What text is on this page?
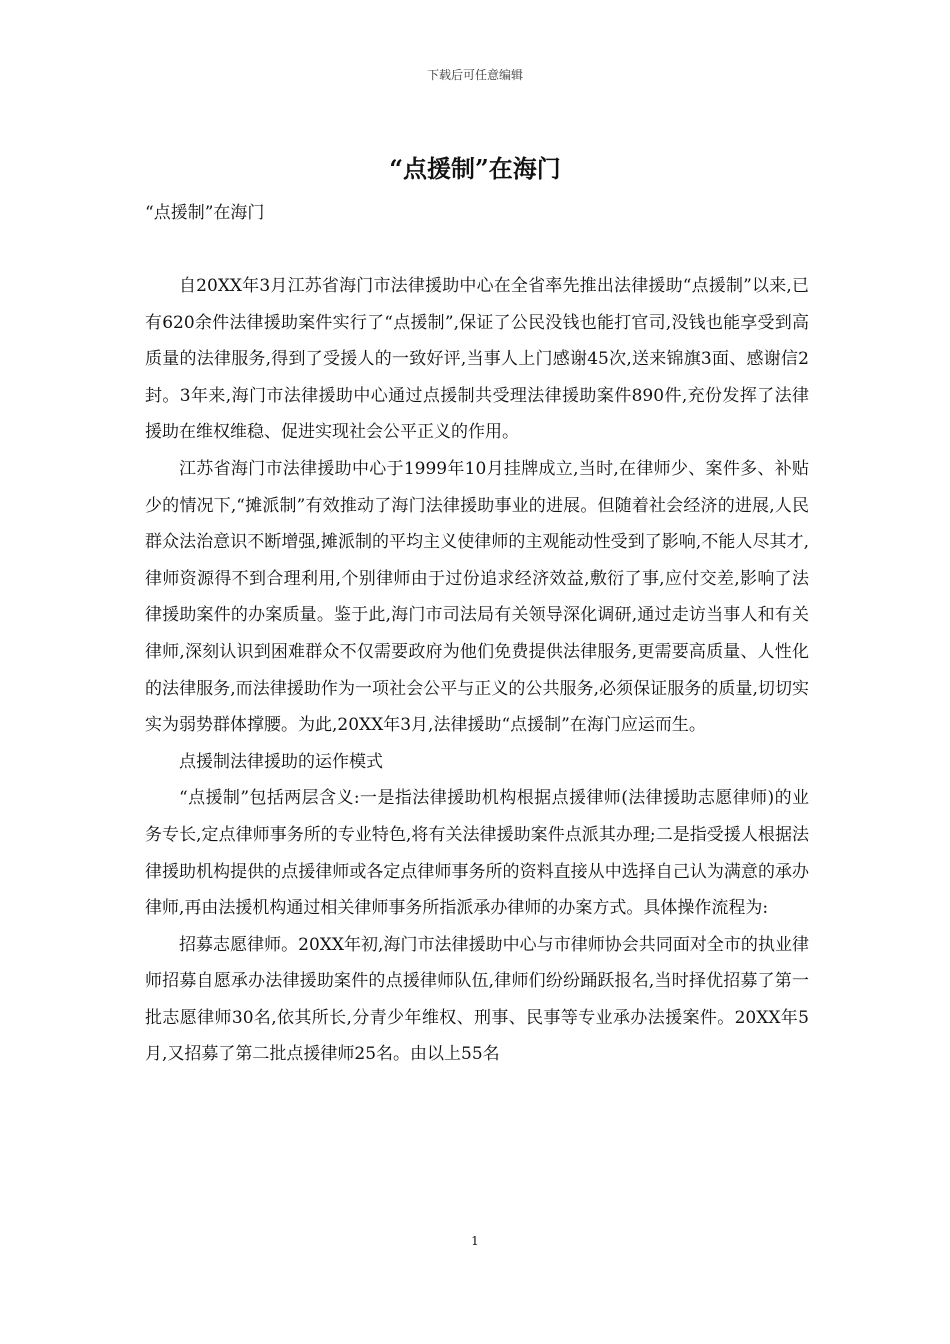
下载后可任意编辑
“点援制”在海门

“点援制”在海门

自20XX年3月江苏省海门市法律援助中心在全省率先推出法律援助“点援制”以来,已有620余件法律援助案件实行了“点援制”,保证了公民没钱也能打官司,没钱也能享受到高质量的法律服务,得到了受援人的一致好评,当事人上门感谢45次,送来锦旗3面、感谢信2封。3年来,海门市法律援助中心通过点援制共受理法律援助案件890件,充份发挥了法律援助在维权维稳、促进实现社会公平正义的作用。

江苏省海门市法律援助中心于1999年10月挂牌成立,当时,在律师少、案件多、补贴少的情况下,“摊派制”有效推动了海门法律援助事业的进展。但随着社会经济的进展,人民群众法治意识不断增强,摊派制的平均主义使律师的主观能动性受到了影响,不能人尽其才,律师资源得不到合理利用,个别律师由于过份追求经济效益,敷衍了事,应付交差,影响了法律援助案件的办案质量。鉴于此,海门市司法局有关领导深化调研,通过走访当事人和有关律师,深刻认识到困难群众不仅需要政府为他们免费提供法律服务,更需要高质量、人性化的法律服务,而法律援助作为一项社会公平与正义的公共服务,必须保证服务的质量,切切实实为弱势群体撑腰。为此,20XX年3月,法律援助“点援制”在海门应运而生。

点援制法律援助的运作模式

“点援制”包括两层含义:一是指法律援助机构根据点援律师(法律援助志愿律师)的业务专长,定点律师事务所的专业特色,将有关法律援助案件点派其办理;二是指受援人根据法律援助机构提供的点援律师或各定点律师事务所的资料直接从中选择自己认为满意的承办律师,再由法援机构通过相关律师事务所指派承办律师的办案方式。具体操作流程为:

招募志愿律师。20XX年初,海门市法律援助中心与市律师协会共同面对全市的执业律师招募自愿承办法律援助案件的点援律师队伍,律师们纷纷踊跃报名,当时择优招募了第一批志愿律师30名,依其所长,分青少年维权、刑事、民事等专业承办法援案件。20XX年5月,又招募了第二批点援律师25名。由以上55名

1
